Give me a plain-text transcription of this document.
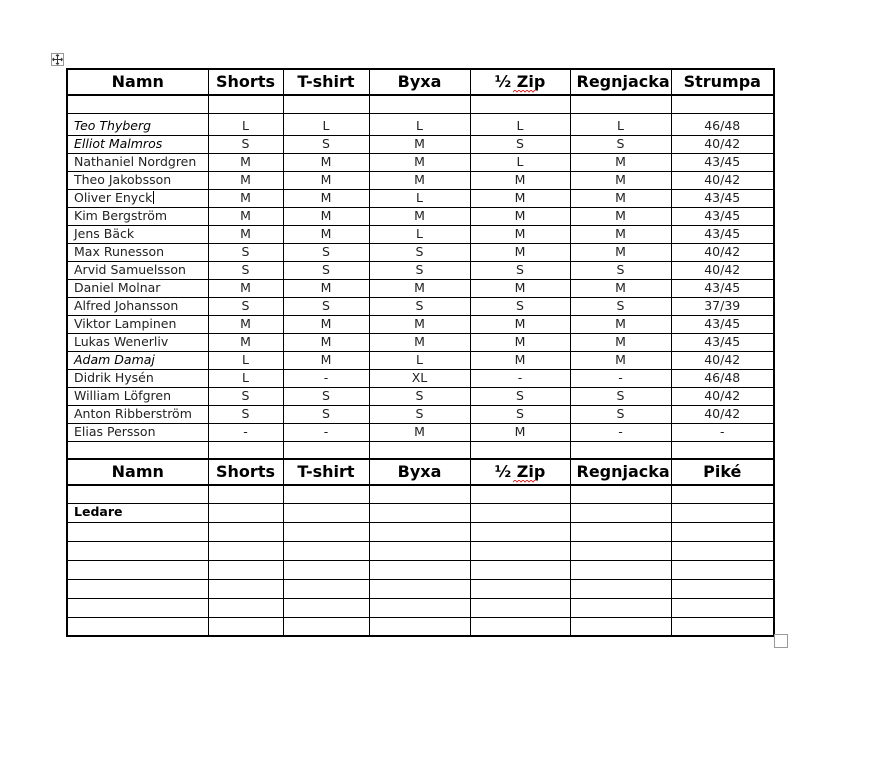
Namn	Shorts	T-shirt	Byxa	½ Zip	Regnjacka	Strumpa

Teo Thyberg	L	L	L	L	L	46/48
Elliot Malmros	S	S	M	S	S	40/42
Nathaniel Nordgren	M	M	M	L	M	43/45
Theo Jakobsson	M	M	M	M	M	40/42
Oliver Enyck	M	M	L	M	M	43/45
Kim Bergström	M	M	M	M	M	43/45
Jens Bäck	M	M	L	M	M	43/45
Max Runesson	S	S	S	M	M	40/42
Arvid Samuelsson	S	S	S	S	S	40/42
Daniel Molnar	M	M	M	M	M	43/45
Alfred Johansson	S	S	S	S	S	37/39
Viktor Lampinen	M	M	M	M	M	43/45
Lukas Wenerliv	M	M	M	M	M	43/45
Adam Damaj	L	M	L	M	M	40/42
Didrik Hysén	L	-	XL	-	-	46/48
William Löfgren	S	S	S	S	S	40/42
Anton Ribberström	S	S	S	S	S	40/42
Elias Persson	-	-	M	M	-	-

Namn	Shorts	T-shirt	Byxa	½ Zip	Regnjacka	Piké

Ledare						
